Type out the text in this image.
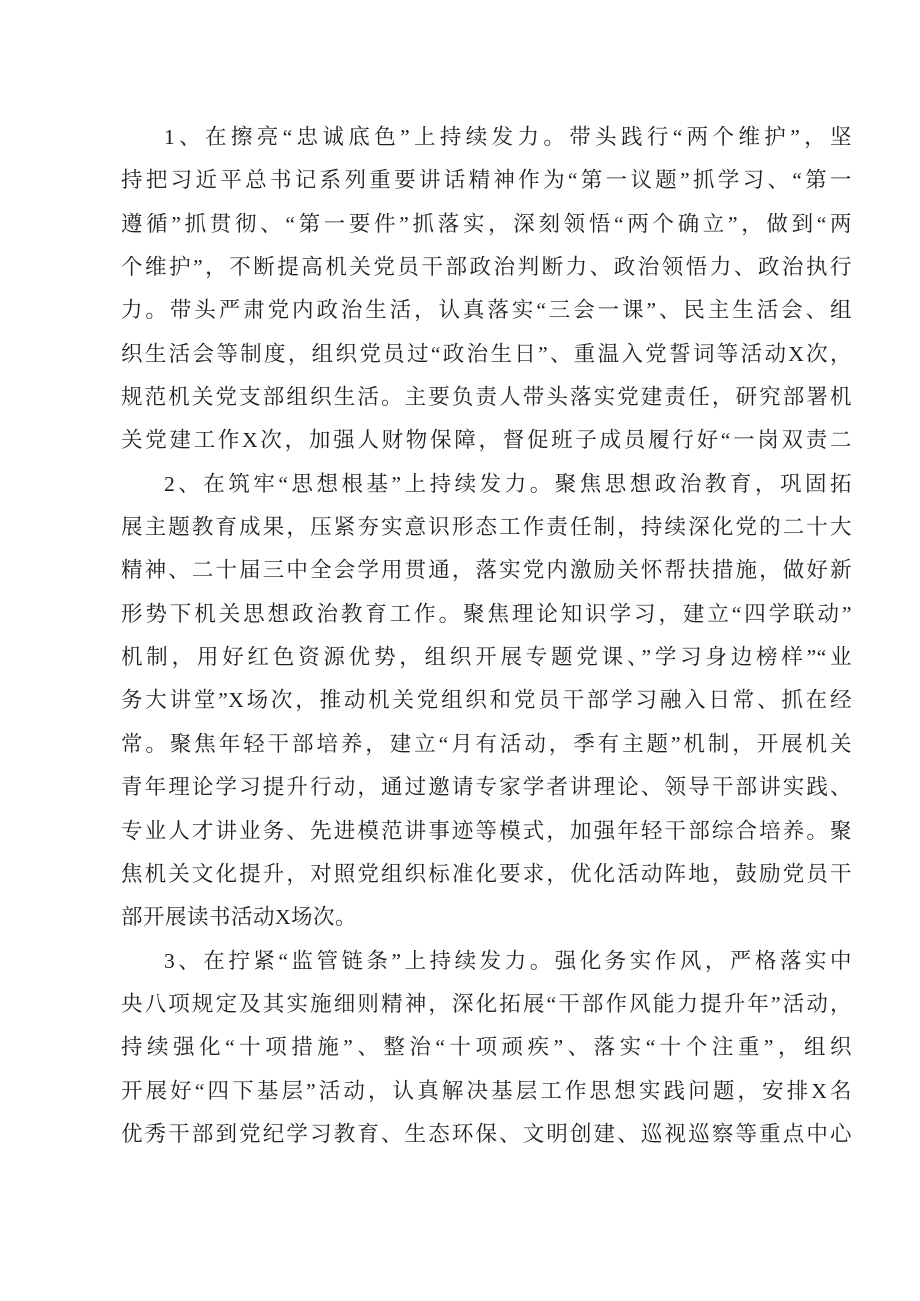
1、在擦亮“忠诚底色”上持续发力。带头践行“两个维护”，坚
持把习近平总书记系列重要讲话精神作为“第一议题”抓学习、“第一
遵循”抓贯彻、“第一要件”抓落实，深刻领悟“两个确立”，做到“两
个维护”，不断提高机关党员干部政治判断力、政治领悟力、政治执行
力。带头严肃党内政治生活，认真落实“三会一课”、民主生活会、组
织生活会等制度，组织党员过“政治生日”、重温入党誓词等活动X次，
规范机关党支部组织生活。主要负责人带头落实党建责任，研究部署机
关党建工作X次，加强人财物保障，督促班子成员履行好“一岗双责二
2、在筑牢“思想根基”上持续发力。聚焦思想政治教育，巩固拓
展主题教育成果，压紧夯实意识形态工作责任制，持续深化党的二十大
精神、二十届三中全会学用贯通，落实党内激励关怀帮扶措施，做好新
形势下机关思想政治教育工作。聚焦理论知识学习，建立“四学联动”
机制，用好红色资源优势，组织开展专题党课、”学习身边榜样”“业
务大讲堂”X场次，推动机关党组织和党员干部学习融入日常、抓在经
常。聚焦年轻干部培养，建立“月有活动，季有主题”机制，开展机关
青年理论学习提升行动，通过邀请专家学者讲理论、领导干部讲实践、
专业人才讲业务、先进模范讲事迹等模式，加强年轻干部综合培养。聚
焦机关文化提升，对照党组织标准化要求，优化活动阵地，鼓励党员干
部开展读书活动X场次。
3、在拧紧“监管链条”上持续发力。强化务实作风，严格落实中
央八项规定及其实施细则精神，深化拓展“干部作风能力提升年”活动，
持续强化“十项措施”、整治“十项顽疾”、落实“十个注重”，组织
开展好“四下基层”活动，认真解决基层工作思想实践问题，安排X名
优秀干部到党纪学习教育、生态环保、文明创建、巡视巡察等重点中心
